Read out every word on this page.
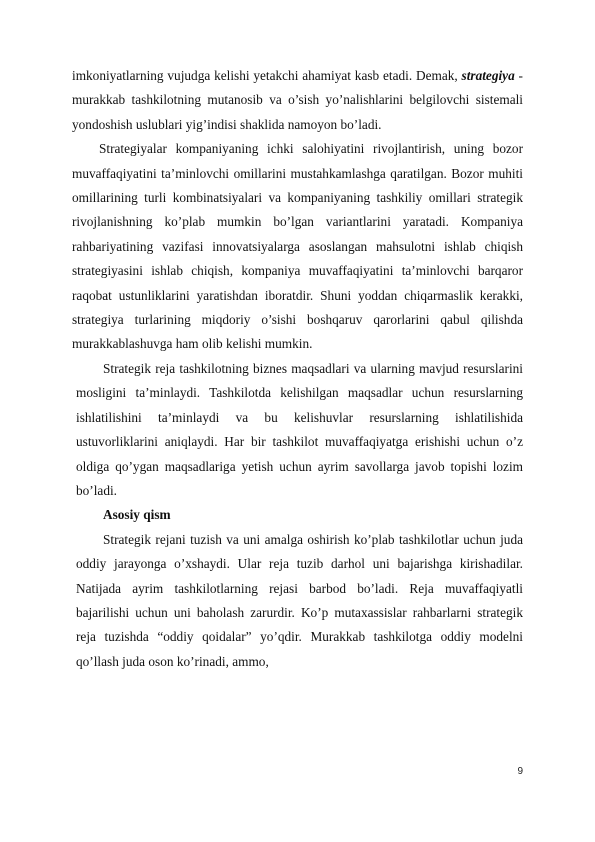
imkoniyatlarning vujudga kelishi yetakchi ahamiyat kasb etadi. Demak, strategiya - murakkab tashkilotning mutanosib va o’sish yo’nalishlarini belgilovchi sistemali yondoshish uslublari yig’indisi shaklida namoyon bo’ladi.

Strategiyalar kompaniyaning ichki salohiyatini rivojlantirish, uning bozor muvaffaqiyatini ta’minlovchi omillarini mustahkamlashga qaratilgan. Bozor muhiti omillarining turli kombinatsiyalari va kompaniyaning tashkiliy omillari strategik rivojlanishning ko’plab mumkin bo’lgan variantlarini yaratadi. Kompaniya rahbariyatining vazifasi innovatsiyalarga asoslangan mahsulotni ishlab chiqish strategiyasini ishlab chiqish, kompaniya muvaffaqiyatini ta’minlovchi barqaror raqobat ustunliklarini yaratishdan iboratdir. Shuni yoddan chiqarmaslik kerakki, strategiya turlarining miqdoriy o’sishi boshqaruv qarorlarini qabul qilishda murakkablashuvga ham olib kelishi mumkin.

Strategik reja tashkilotning biznes maqsadlari va ularning mavjud resurslarini mosligini ta’minlaydi. Tashkilotda kelishilgan maqsadlar uchun resurslarning ishlatilishini ta’minlaydi va bu kelishuvlar resurslarning ishlatilishida ustuvorliklarini aniqlaydi. Har bir tashkilot muvaffaqiyatga erishishi uchun o’z oldiga qo’ygan maqsadlariga yetish uchun ayrim savollarga javob topishi lozim bo’ladi.

Asosiy qism

Strategik rejani tuzish va uni amalga oshirish ko’plab tashkilotlar uchun juda oddiy jarayonga o’xshaydi. Ular reja tuzib darhol uni bajarishga kirishadilar. Natijada ayrim tashkilotlarning rejasi barbod bo’ladi. Reja muvaffaqiyatli bajarilishi uchun uni baholash zarurdir. Ko’p mutaxassislar rahbarlarni strategik reja tuzishda “oddiy qoidalar” yo’qdir. Murakkab tashkilotga oddiy modelni qo’llash juda oson ko’rinadi, ammo,

9
